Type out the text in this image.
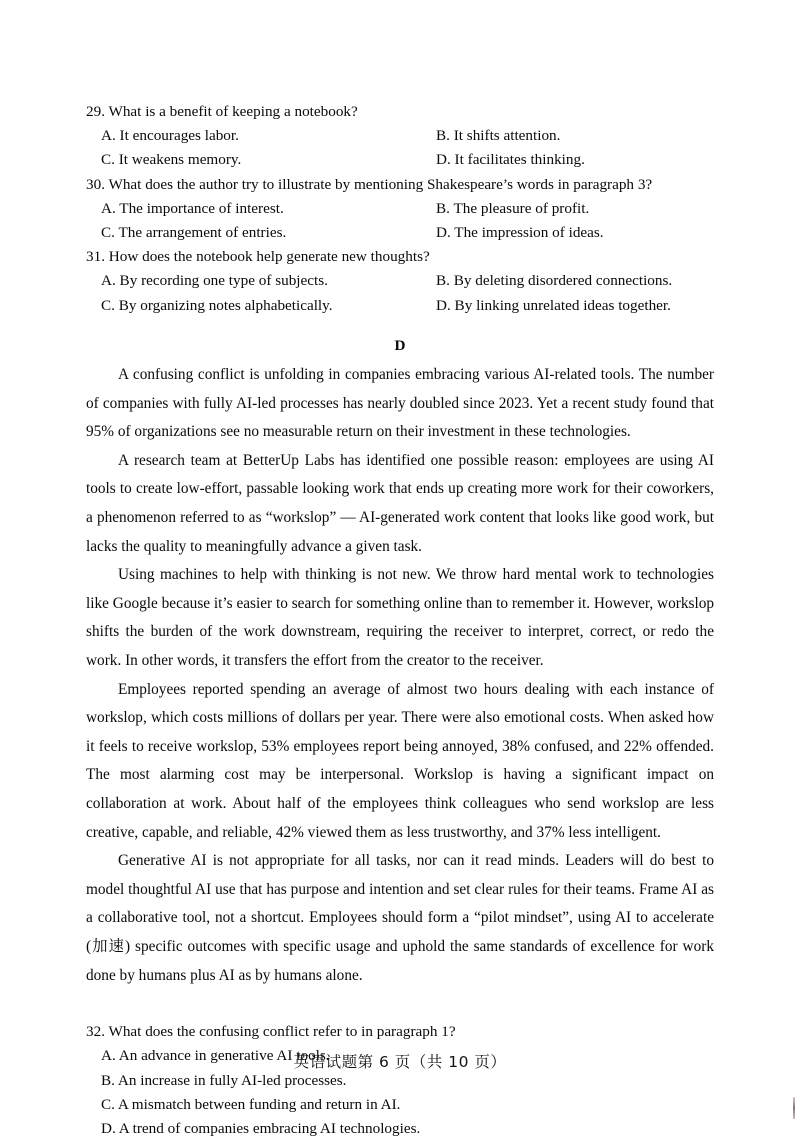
29. What is a benefit of keeping a notebook?

A. It encourages labor.	B. It shifts attention.
C. It weakens memory.	D. It facilitates thinking.

30. What does the author try to illustrate by mentioning Shakespeare’s words in paragraph 3?

A. The importance of interest.	B. The pleasure of profit.
C. The arrangement of entries.	D. The impression of ideas.

31. How does the notebook help generate new thoughts?

A. By recording one type of subjects.	B. By deleting disordered connections.
C. By organizing notes alphabetically.	D. By linking unrelated ideas together.
D

A confusing conflict is unfolding in companies embracing various AI-related tools. The number of companies with fully AI-led processes has nearly doubled since 2023. Yet a recent study found that 95% of organizations see no measurable return on their investment in these technologies.

A research team at BetterUp Labs has identified one possible reason: employees are using AI tools to create low-effort, passable looking work that ends up creating more work for their coworkers, a phenomenon referred to as “workslop” — AI-generated work content that looks like good work, but lacks the quality to meaningfully advance a given task.

Using machines to help with thinking is not new. We throw hard mental work to technologies like Google because it’s easier to search for something online than to remember it. However, workslop shifts the burden of the work downstream, requiring the receiver to interpret, correct, or redo the work. In other words, it transfers the effort from the creator to the receiver.

Employees reported spending an average of almost two hours dealing with each instance of workslop, which costs millions of dollars per year. There were also emotional costs. When asked how it feels to receive workslop, 53% employees report being annoyed, 38% confused, and 22% offended. The most alarming cost may be interpersonal. Workslop is having a significant impact on collaboration at work. About half of the employees think colleagues who send workslop are less creative, capable, and reliable, 42% viewed them as less trustworthy, and 37% less intelligent.

Generative AI is not appropriate for all tasks, nor can it read minds. Leaders will do best to model thoughtful AI use that has purpose and intention and set clear rules for their teams. Frame AI as a collaborative tool, not a shortcut. Employees should form a “pilot mindset”, using AI to accelerate (加速) specific outcomes with specific usage and uphold the same standards of excellence for work done by humans plus AI as by humans alone.

32. What does the confusing conflict refer to in paragraph 1?

A. An advance in generative AI tools.
B. An increase in fully AI-led processes.
C. A mismatch between funding and return in AI.
D. A trend of companies embracing AI technologies.
英语试题第 6 页（共 10 页）
